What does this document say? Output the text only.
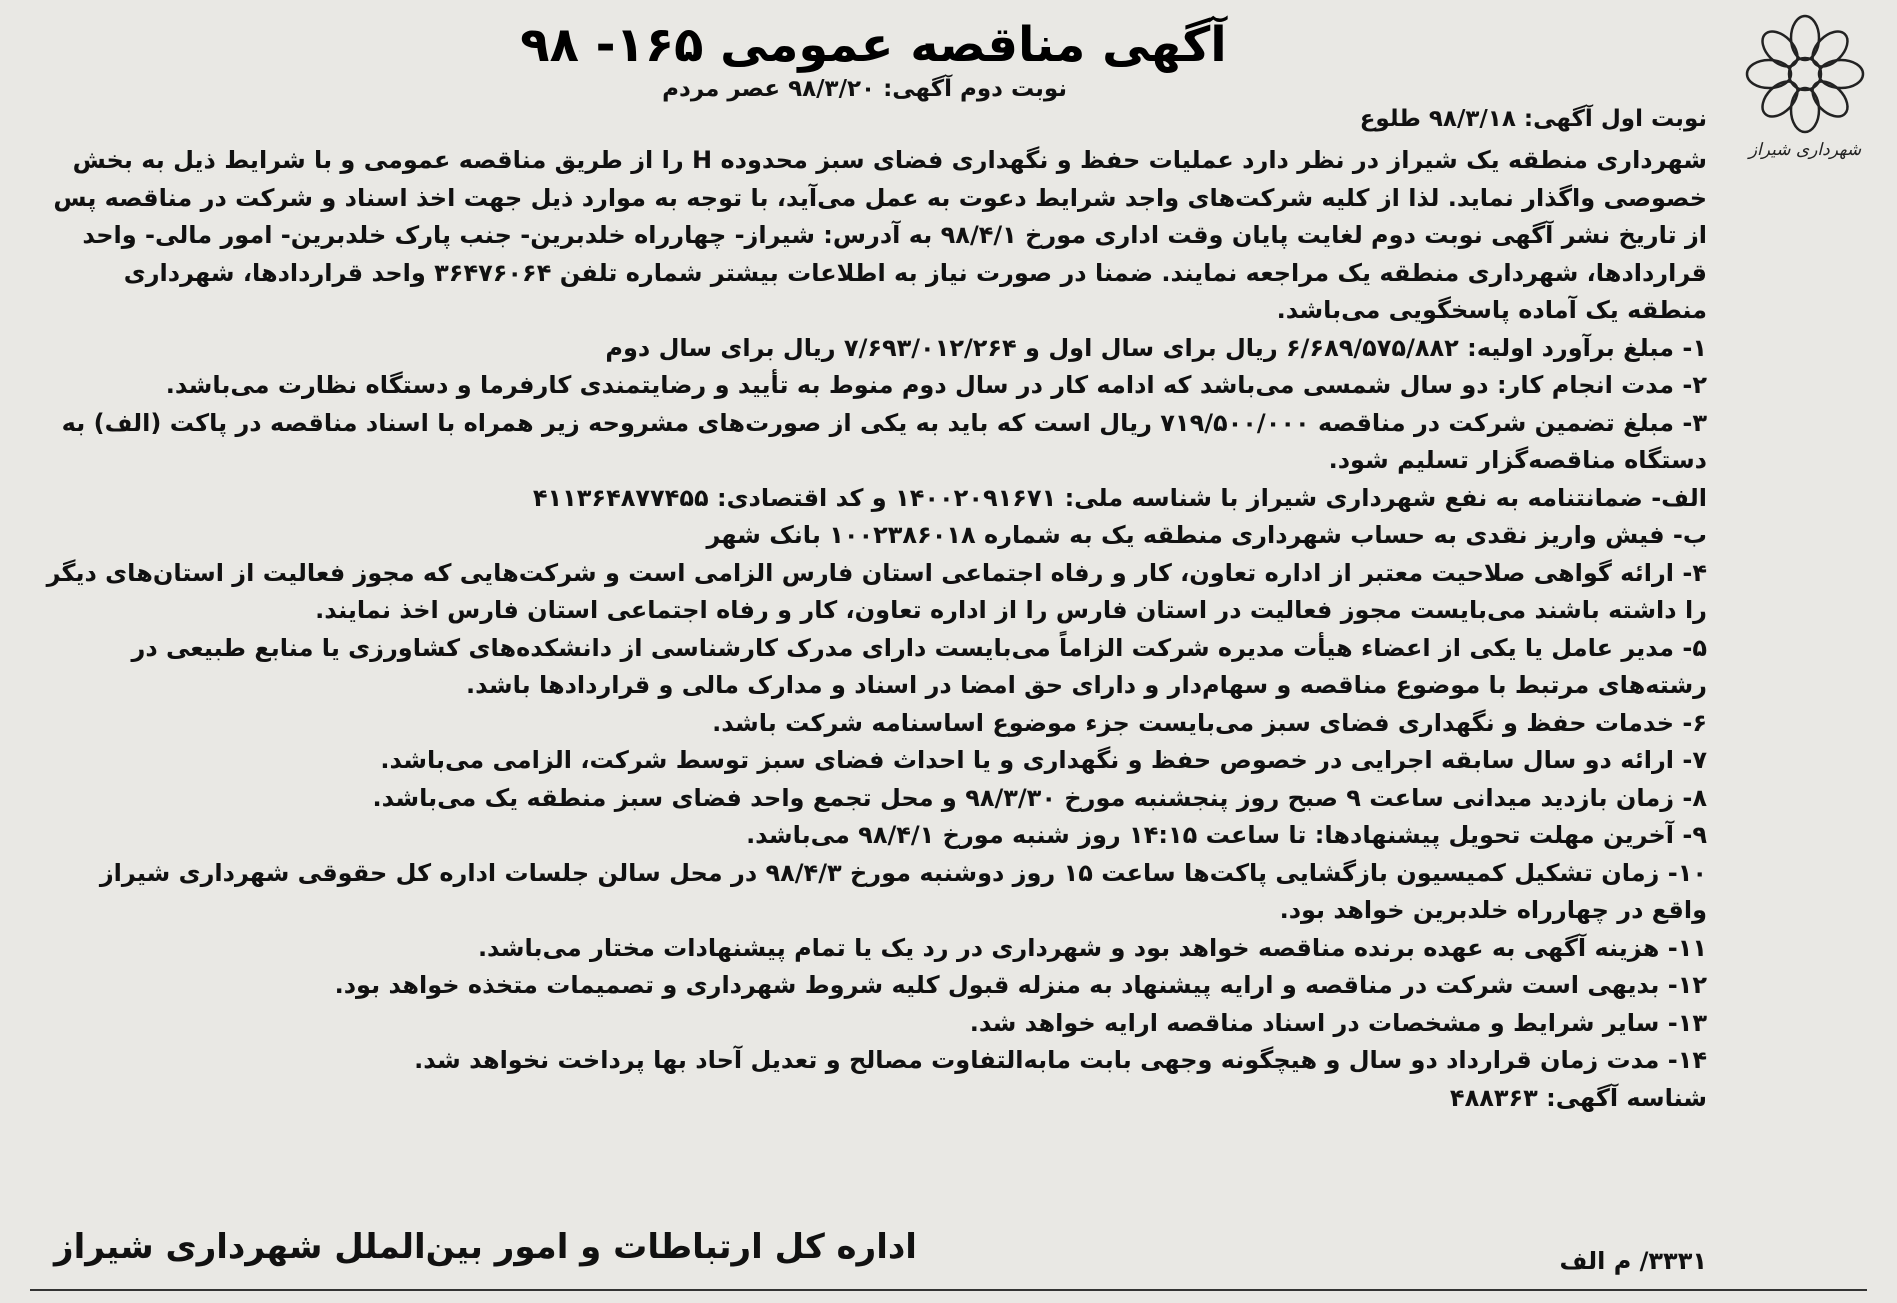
شهرداری شیراز
آگهی مناقصه عمومی ۱۶۵- ۹۸
نوبت دوم آگهی: ۹۸/۳/۲۰ عصر مردم
نوبت اول آگهی: ۹۸/۳/۱۸ طلوع

شهرداری منطقه یک شیراز در نظر دارد عملیات حفظ و نگهداری فضای سبز محدوده H را از طریق مناقصه عمومی و با شرایط ذیل به بخش خصوصی واگذار نماید. لذا از کلیه شرکت‌های واجد شرایط دعوت به عمل می‌آید، با توجه به موارد ذیل جهت اخذ اسناد و شرکت در مناقصه پس از تاریخ نشر آگهی نوبت دوم لغایت پایان وقت اداری مورخ ۹۸/۴/۱ به آدرس: شیراز- چهارراه خلدبرین- جنب پارک خلدبرین- امور مالی- واحد قراردادها، شهرداری منطقه یک مراجعه نمایند. ضمنا در صورت نیاز به اطلاعات بیشتر شماره تلفن ۳۶۴۷۶۰۶۴ واحد قراردادها، شهرداری منطقه یک آماده پاسخگویی می‌باشد.

۱- مبلغ برآورد اولیه: ۶/۶۸۹/۵۷۵/۸۸۲ ریال برای سال اول و ۷/۶۹۳/۰۱۲/۲۶۴ ریال برای سال دوم
۲- مدت انجام کار: دو سال شمسی می‌باشد که ادامه کار در سال دوم منوط به تأیید و رضایتمندی کارفرما و دستگاه نظارت می‌باشد.
۳- مبلغ تضمین شرکت در مناقصه ۷۱۹/۵۰۰/۰۰۰ ریال است که باید به یکی از صورت‌های مشروحه زیر همراه با اسناد مناقصه در پاکت (الف) به دستگاه مناقصه‌گزار تسلیم شود.
الف- ضمانتنامه به نفع شهرداری شیراز با شناسه ملی: ۱۴۰۰۲۰۹۱۶۷۱ و کد اقتصادی: ۴۱۱۳۶۴۸۷۷۴۵۵
ب- فیش واریز نقدی به حساب شهرداری منطقه یک به شماره ۱۰۰۲۳۸۶۰۱۸ بانک شهر
۴- ارائه گواهی صلاحیت معتبر از اداره تعاون، کار و رفاه اجتماعی استان فارس الزامی است و شرکت‌هایی که مجوز فعالیت از استان‌های دیگر را داشته باشند می‌بایست مجوز فعالیت در استان فارس را از اداره تعاون، کار و رفاه اجتماعی استان فارس اخذ نمایند.
۵- مدیر عامل یا یکی از اعضاء هیأت مدیره شرکت الزاماً می‌بایست دارای مدرک کارشناسی از دانشکده‌های کشاورزی یا منابع طبیعی در رشته‌های مرتبط با موضوع مناقصه و سهام‌دار و دارای حق امضا در اسناد و مدارک مالی و قراردادها باشد.
۶- خدمات حفظ و نگهداری فضای سبز می‌بایست جزء موضوع اساسنامه شرکت باشد.
۷- ارائه دو سال سابقه اجرایی در خصوص حفظ و نگهداری و یا احداث فضای سبز توسط شرکت، الزامی می‌باشد.
۸- زمان بازدید میدانی ساعت ۹ صبح روز پنجشنبه مورخ ۹۸/۳/۳۰ و محل تجمع واحد فضای سبز منطقه یک می‌باشد.
۹- آخرین مهلت تحویل پیشنهادها: تا ساعت ۱۴:۱۵ روز شنبه مورخ ۹۸/۴/۱ می‌باشد.
۱۰- زمان تشکیل کمیسیون بازگشایی پاکت‌ها ساعت ۱۵ روز دوشنبه مورخ ۹۸/۴/۳ در محل سالن جلسات اداره کل حقوقی شهرداری شیراز واقع در چهارراه خلدبرین خواهد بود.
۱۱- هزینه آگهی به عهده برنده مناقصه خواهد بود و شهرداری در رد یک یا تمام پیشنهادات مختار می‌باشد.
۱۲- بدیهی است شرکت در مناقصه و ارایه پیشنهاد به منزله قبول کلیه شروط شهرداری و تصمیمات متخذه خواهد بود.
۱۳- سایر شرایط و مشخصات در اسناد مناقصه ارایه خواهد شد.
۱۴- مدت زمان قرارداد دو سال و هیچگونه وجهی بابت مابه‌التفاوت مصالح و تعدیل آحاد بها پرداخت نخواهد شد.

شناسه آگهی: ۴۸۸۳۶۳

۳۳۳۱/ م الف
اداره کل ارتباطات و امور بین‌الملل شهرداری شیراز
